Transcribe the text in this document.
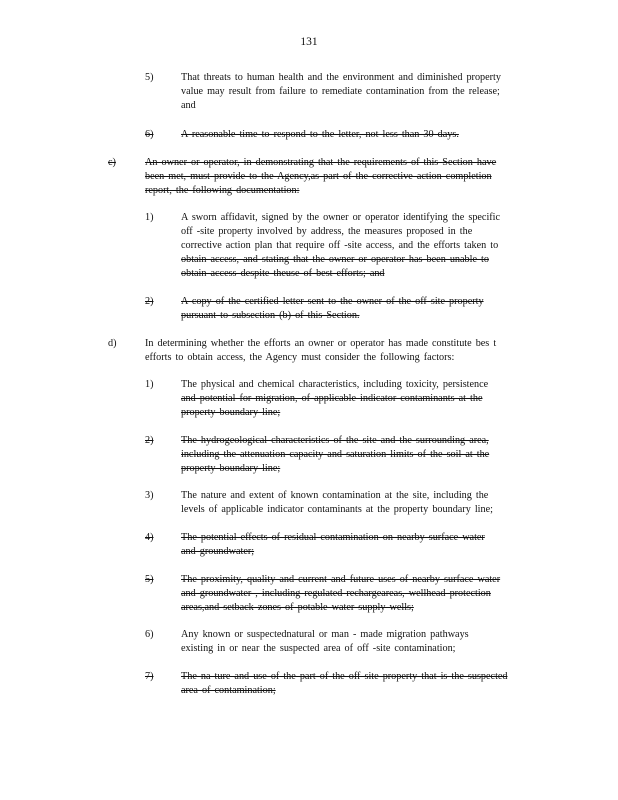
131
5)	That threats to human health and the environment and diminished property
value may result from failure to remediate contamination from the release;
and
6)	A reasonable time to respond to the letter, not less than 30 days.
c)	An owner or operator, in demonstrating that the requirements of this Section have
been met, must provide to the Agency,as part of the corrective action completion
report, the following documentation:
1)	A sworn affidavit, signed by the owner or operator identifying the specific
off -site property involved by address, the measures proposed in the
corrective action plan that require off -site access, and the efforts taken to
obtain access, and stating that the owner or operator has been unable to
obtain access despite theuse of best efforts; and
2)	A copy of the certified letter sent to the owner of the off site property
pursuant to subsection (b) of this Section.
d)	In determining whether the efforts an owner or operator has made constitute bes t
efforts to obtain access, the Agency must consider the following factors:
1)	The physical and chemical characteristics, including toxicity, persistence
and potential for migration, of applicable indicator contaminants at the
property boundary line;
2)	The hydrogeological characteristics of the site and the surrounding area,
including the attenuation capacity and saturation limits of the soil at the
property boundary line;
3)	The nature and extent of known contamination at the site, including the
levels of applicable indicator contaminants at the property boundary line;
4)	The potential effects of residual contamination on nearby surface water
and groundwater;
5)	The proximity, quality and current and future uses of nearby surface water
and groundwater , including regulated rechargeareas, wellhead protection
areas,and setback zones of potable water supply wells;
6)	Any known or suspectednatural or man - made migration pathways
existing in or near the suspected area of off -site contamination;
7)	The na ture and use of the part of the off site property that is the suspected
area of contamination;
